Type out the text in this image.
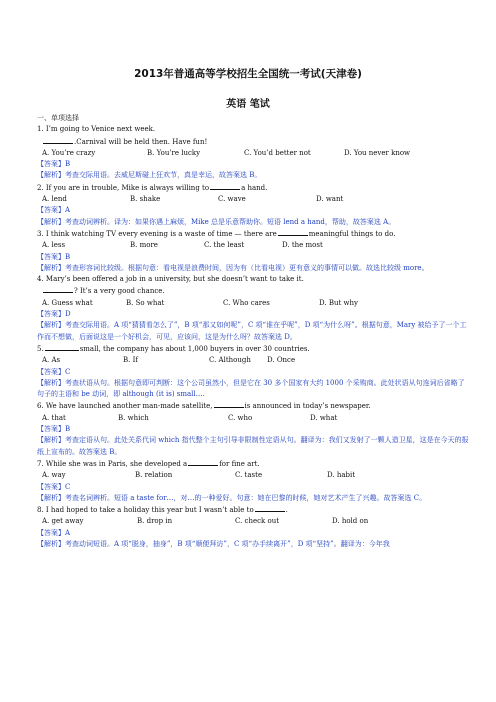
2013年普通高等学校招生全国统一考试(天津卷)
英语 笔试
一、单项选择
1. I’m going to Venice next week.
.Carnival will be held then. Have fun!
A. You’re crazy	B. You’re lucky	C. You’d better not	D. You never know
【答案】B
【解析】考查交际用语。去威尼斯碰上狂欢节，真是幸运，故答案选 B。
2. If you are in trouble, Mike is always willing to	a hand.
A. lend	B. shake	C. wave	D. want
【答案】A
【解析】考查动词辨析。译为：如果你遇上麻烦，Mike 总是乐意帮助你。短语 lend a hand，帮助，故答案选 A。
3. I think watching TV every evening is a waste of time — there are	meaningful things to do.
A. less	B. more	C. the least	D. the most
【答案】B
【解析】考查形容词比较级。根据句意：看电视是浪费时间，因为有（比看电视）更有意义的事情可以做。故选比较级 more。
4. Mary’s been offered a job in a university, but she doesn’t want to take it.
? It’s a very good chance.
A. Guess what	B. So what	C. Who cares	D. But why
【答案】D
【解析】考查交际用语。A 项“猜猜看怎么了”，B 项“那又如何呢”，C 项“谁在乎呢”，D 项“为什么呀”。根据句意，Mary 被给予了一个工作而不想做，后面说这是一个好机会，可见，应该问，这是为什么呀？故答案选 D。
5.	small, the company has about 1,000 buyers in over 30 countries.
A. As	B. If	C. Although	D. Once
【答案】C
【解析】考查状语从句。根据句意即可判断：这个公司虽然小，但是它在 30 多个国家有大约 1000 个采购商。此处状语从句连词后省略了句子的主语和 be 动词，即 although (it is) small….
6. We have launched another man-made satellite,	is announced in today’s newspaper.
A. that	B. which	C. who	D. what
【答案】B
【解析】考查定语从句。此处关系代词 which 指代整个主句引导非限制性定语从句。翻译为：我们又发射了一颗人造卫星，这是在今天的报纸上宣布的。故答案选 B。
7. While she was in Paris, she developed a	for fine art.
A. way	B. relation	C. taste	D. habit
【答案】C
【解析】考查名词辨析。短语 a taste for…，对…的一种爱好。句意：她在巴黎的时候，她对艺术产生了兴趣。故答案选 C。
8. I had hoped to take a holiday this year but I wasn’t able to	.
A. get away	B. drop in	C. check out	D. hold on
【答案】A
【解析】考查动词短语。A 项“脱身，抽身”，B 项“顺便拜访”，C 项“办手续离开”，D 项“坚持”。翻译为：今年我
